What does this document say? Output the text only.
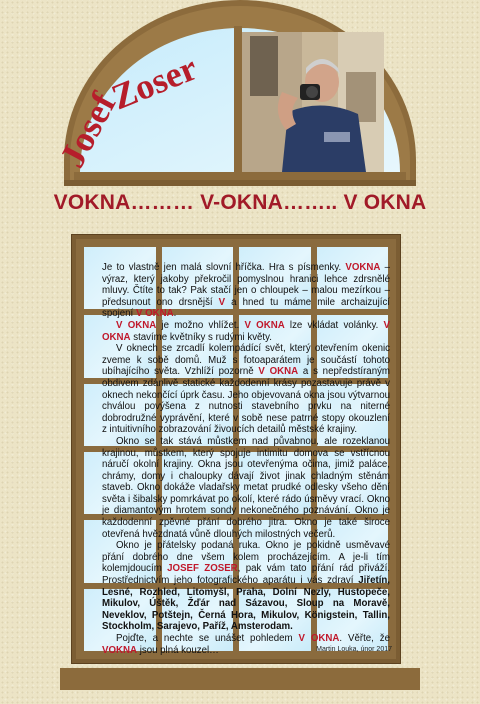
Josef
Zoser
VOKNA……… V-OKNA…….. V OKNA

Je to vlastně jen malá slovní hříčka. Hra s písmenky. VOKNA – výraz, který jakoby překročil pomyslnou hranici lehce zdrsnělé mluvy. Čtíte to tak? Pak stačí jen o chloupek – malou mezírkou – předsunout ono drsnější V a hned tu máme mile archaizující spojení V OKNA.

V OKNA je možno vhlížet. V OKNA lze vkládat volánky. V OKNA stavíme květníky s rudými květy.

V oknech se zrcadlí kolempádící svět, který otevřením okenic zveme k sobě domů. Muž s fotoaparátem je součástí tohoto ubíhajícího světa. Vzhlíží pozorně V OKNA a s nepředstíraným obdivem zdánlivě statické každodenní krásy pozastavuje právě v oknech nekončící úprk času. Jeho objevovaná okna jsou výtvarnou chválou povýšena z nutnosti stavebního prvku na niterné dobrodružné vyprávění, které v sobě nese patrné stopy okouzlení z intuitivního zobrazování živoucích detailů městské krajiny.

Okno se tak stává můstkem nad půvabnou, ale rozeklanou krajinou, můstkem, který spojuje intimitu domova se vstřícnou náručí okolní krajiny. Okna jsou otevřenýma očima, jimiž paláce, chrámy, domy i chaloupky dávají život jinak chladným stěnám staveb. Okno dokáže vladařsky metat prudké odlesky všeho dění světa i šibalsky pomrkávat po okolí, které rádo úsměvy vrací. Okno je diamantovým hrotem sondy nekonečného poznávání. Okno je každodenní zpěvné přání dobrého jitra. Okno je také široce otevřená hvězdnatá vůně dlouhých milostných večerů.

Okno je přátelsky podaná ruka. Okno je pokidně usměvavé přání dobrého dne všem kolem procházejícím. A je-li tím kolemjdoucím JOSEF ZOSER, pak vám tato přání rád přiváží. Prostřednictvím jeho fotografického aparátu i vás zdraví Jiřetín, Lesné, Rozhled, Litomyšl, Praha, Dolní Nezly, Hustopeče, Mikulov, Úštěk, Žďár nad Sázavou, Sloup na Moravě, Neveklov, Potštejn, Černá Hora, Mikulov, Königstein, Tallin, Stockholm, Sarajevo, Paříž, Amsterodam.

Pojďte, a nechte se unášet pohledem V OKNA. Věřte, že VOKNA jsou plná kouzel…	Martin Louka, únor 2017
